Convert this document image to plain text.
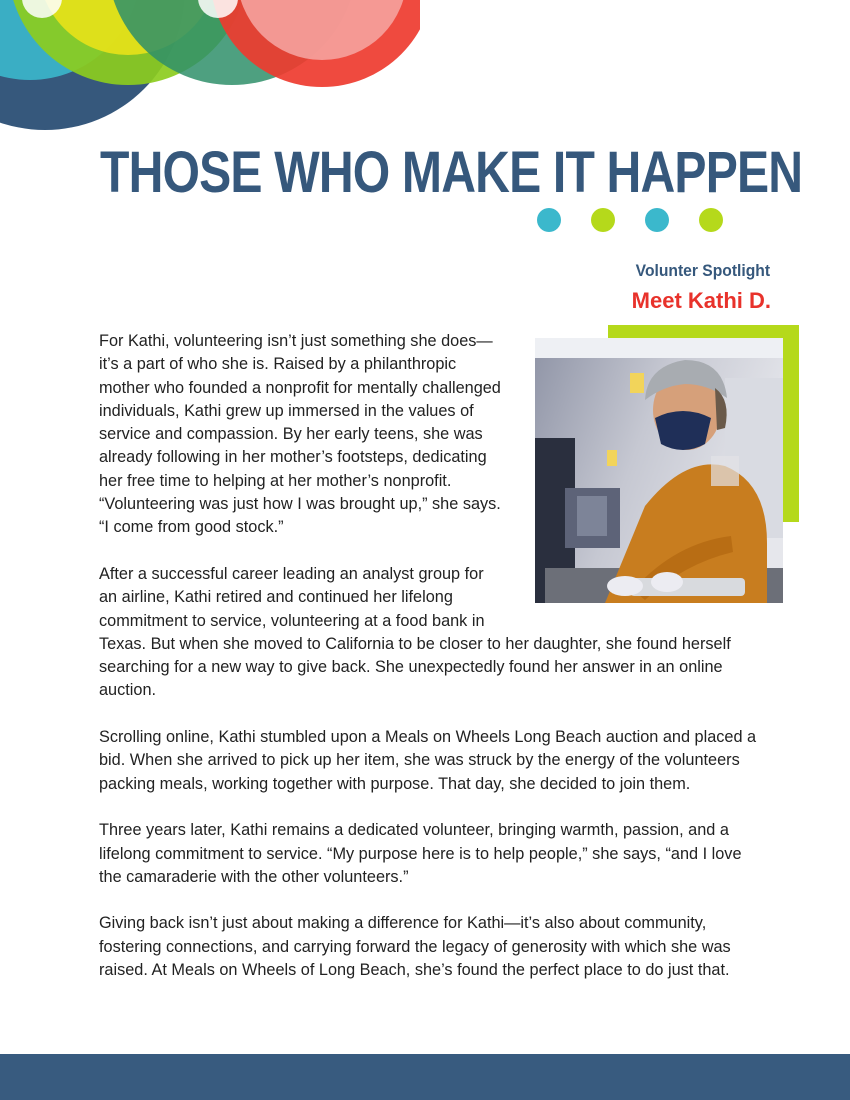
THOSE WHO MAKE IT HAPPEN
Volunter Spotlight
Meet Kathi D.

For Kathi, volunteering isn’t just something she does—it’s a part of who she is. Raised by a philanthropic mother who founded a nonprofit for mentally challenged individuals, Kathi grew up immersed in the values of service and compassion. By her early teens, she was already following in her mother’s footsteps, dedicating her free time to helping at her mother’s nonprofit. “Volunteering was just how I was brought up,” she says. “I come from good stock.”

After a successful career leading an analyst group for an airline, Kathi retired and continued her lifelong commitment to service, volunteering at a food bank in Texas. But when she moved to California to be closer to her daughter, she found herself searching for a new way to give back. She unexpectedly found her answer in an online auction.

Scrolling online, Kathi stumbled upon a Meals on Wheels Long Beach auction and placed a bid. When she arrived to pick up her item, she was struck by the energy of the volunteers packing meals, working together with purpose. That day, she decided to join them.

Three years later, Kathi remains a dedicated volunteer, bringing warmth, passion, and a lifelong commitment to service. “My purpose here is to help people,” she says, “and I love the camaraderie with the other volunteers.”

Giving back isn’t just about making a difference for Kathi—it’s also about community, fostering connections, and carrying forward the legacy of generosity with which she was raised. At Meals on Wheels of Long Beach, she’s found the perfect place to do just that.
